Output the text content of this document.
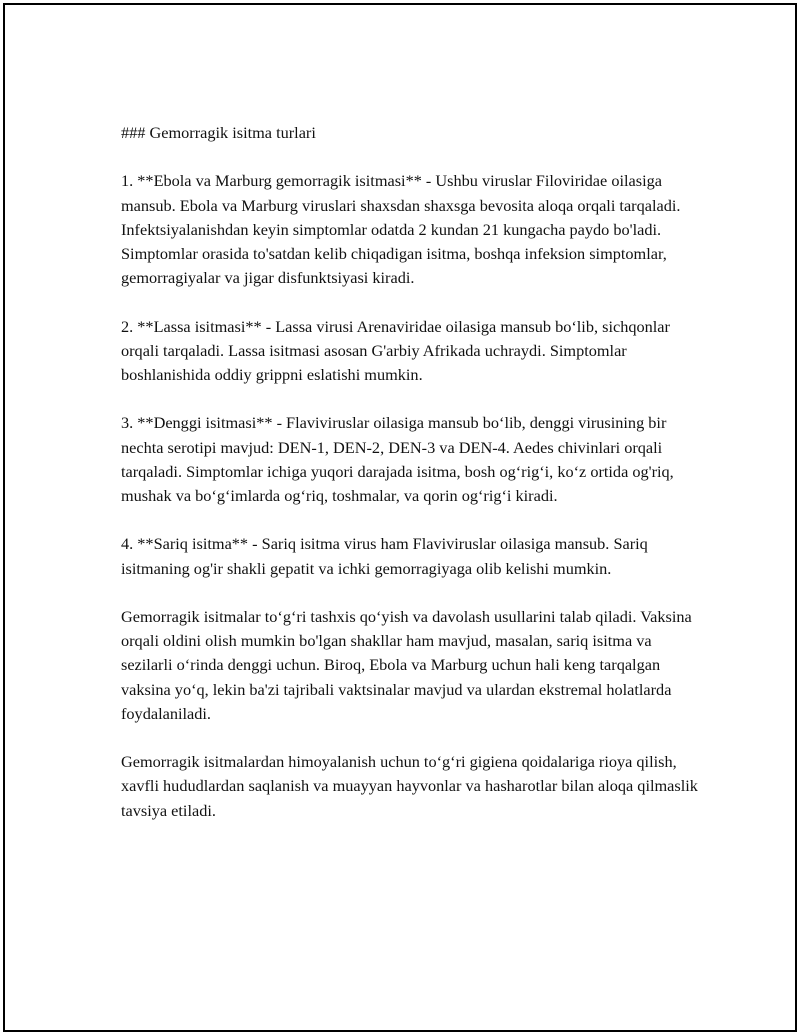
### Gemorragik isitma turlari

1. **Ebola va Marburg gemorragik isitmasi** - Ushbu viruslar Filoviridae oilasiga mansub. Ebola va Marburg viruslari shaxsdan shaxsga bevosita aloqa orqali tarqaladi. Infektsiyalanishdan keyin simptomlar odatda 2 kundan 21 kungacha paydo bo'ladi. Simptomlar orasida to'satdan kelib chiqadigan isitma, boshqa infeksion simptomlar, gemorragiyalar va jigar disfunktsiyasi kiradi.

2. **Lassa isitmasi** - Lassa virusi Arenaviridae oilasiga mansub bo‘lib, sichqonlar orqali tarqaladi. Lassa isitmasi asosan G'arbiy Afrikada uchraydi. Simptomlar boshlanishida oddiy grippni eslatishi mumkin.

3. **Denggi isitmasi** - Flaviviruslar oilasiga mansub bo‘lib, denggi virusining bir nechta serotipi mavjud: DEN-1, DEN-2, DEN-3 va DEN-4. Aedes chivinlari orqali tarqaladi. Simptomlar ichiga yuqori darajada isitma, bosh og‘rig‘i, ko‘z ortida og'riq, mushak va bo‘g‘imlarda og‘riq, toshmalar, va qorin og‘rig‘i kiradi.

4. **Sariq isitma** - Sariq isitma virus ham Flaviviruslar oilasiga mansub. Sariq isitmaning og'ir shakli gepatit va ichki gemorragiyaga olib kelishi mumkin.

Gemorragik isitmalar to‘g‘ri tashxis qo‘yish va davolash usullarini talab qiladi. Vaksina orqali oldini olish mumkin bo'lgan shakllar ham mavjud, masalan, sariq isitma va sezilarli o‘rinda denggi uchun. Biroq, Ebola va Marburg uchun hali keng tarqalgan vaksina yo‘q, lekin ba'zi tajribali vaktsinalar mavjud va ulardan ekstremal holatlarda foydalaniladi.

Gemorragik isitmalardan himoyalanish uchun to‘g‘ri gigiena qoidalariga rioya qilish, xavfli hududlardan saqlanish va muayyan hayvonlar va hasharotlar bilan aloqa qilmaslik tavsiya etiladi.
